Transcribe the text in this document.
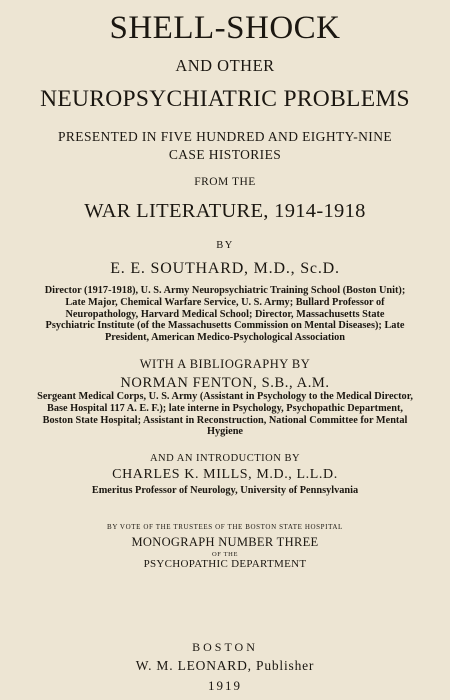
SHELL-SHOCK
AND OTHER
NEUROPSYCHIATRIC PROBLEMS
PRESENTED IN FIVE HUNDRED AND EIGHTY-NINE CASE HISTORIES
FROM THE
WAR LITERATURE, 1914-1918
BY
E. E. SOUTHARD, M.D., Sc.D.
Director (1917-1918), U. S. Army Neuropsychiatric Training School (Boston Unit); Late Major, Chemical Warfare Service, U. S. Army; Bullard Professor of Neuropathology, Harvard Medical School; Director, Massachusetts State Psychiatric Institute (of the Massachusetts Commission on Mental Diseases); Late President, American Medico-Psychological Association
WITH A BIBLIOGRAPHY BY
NORMAN FENTON, S.B., A.M.
Sergeant Medical Corps, U. S. Army (Assistant in Psychology to the Medical Director, Base Hospital 117 A. E. F.); late interne in Psychology, Psychopathic Department, Boston State Hospital; Assistant in Reconstruction, National Committee for Mental Hygiene
AND AN INTRODUCTION BY
CHARLES K. MILLS, M.D., L.L.D.
Emeritus Professor of Neurology, University of Pennsylvania
BY VOTE OF THE TRUSTEES OF THE BOSTON STATE HOSPITAL
MONOGRAPH NUMBER THREE
OF THE
PSYCHOPATHIC DEPARTMENT
BOSTON
W. M. LEONARD, Publisher
1919
